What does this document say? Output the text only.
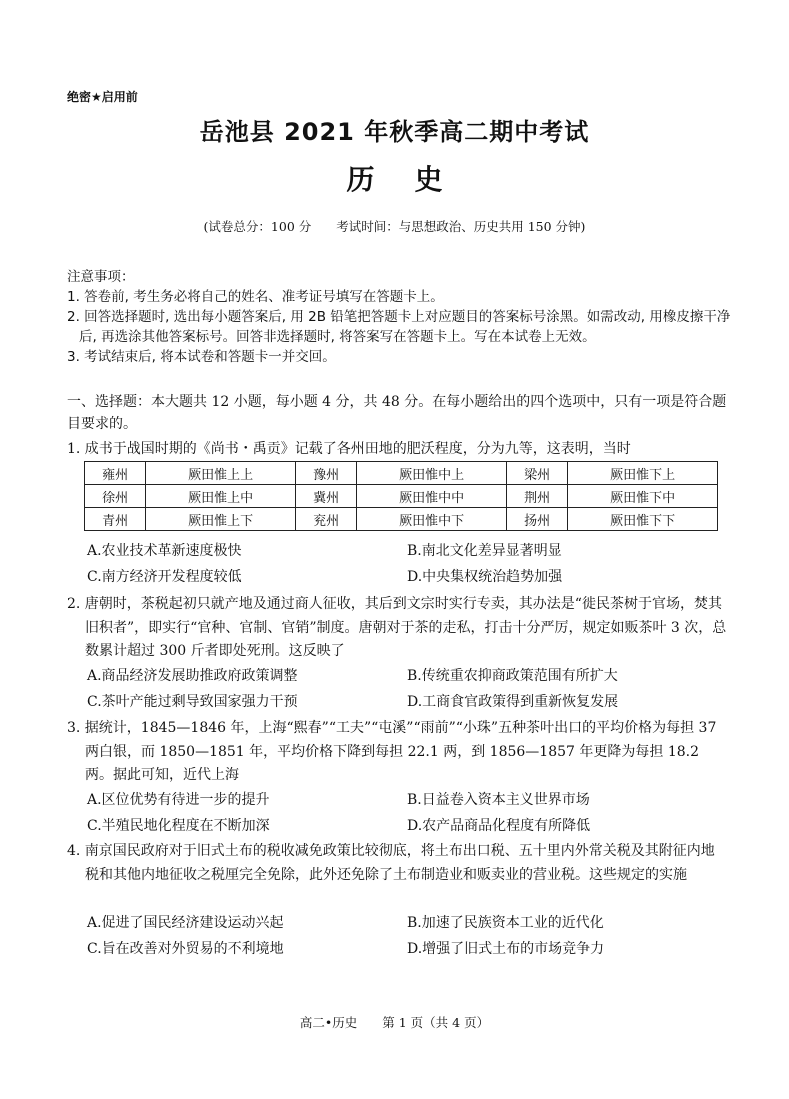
绝密★启用前
岳池县 2021 年秋季高二期中考试
历史
(试卷总分：100 分　　考试时间：与思想政治、历史共用 150 分钟)

注意事项：

1. 答卷前, 考生务必将自己的姓名、准考证号填写在答题卡上。

2. 回答选择题时, 选出每小题答案后, 用 2B 铅笔把答题卡上对应题目的答案标号涂黑。如需改动, 用橡皮擦干净后, 再选涂其他答案标号。回答非选择题时, 将答案写在答题卡上。写在本试卷上无效。

3. 考试结束后, 将本试卷和答题卡一并交回。

一、选择题：本大题共 12 小题，每小题 4 分，共 48 分。在每小题给出的四个选项中，只有一项是符合题目要求的。

1. 成书于战国时期的《尚书・禹贡》记载了各州田地的肥沃程度，分为九等，这表明，当时

雍州	厥田惟上上	豫州	厥田惟中上	梁州	厥田惟下上
徐州	厥田惟上中	冀州	厥田惟中中	荆州	厥田惟下中
青州	厥田惟上下	兖州	厥田惟中下	扬州	厥田惟下下
A.农业技术革新速度极快	B.南北文化差异显著明显
C.南方经济开发程度较低	D.中央集权统治趋势加强

2. 唐朝时，茶税起初只就产地及通过商人征收，其后到文宗时实行专卖，其办法是“徙民茶树于官场，焚其旧积者”，即实行“官种、官制、官销”制度。唐朝对于茶的走私，打击十分严厉，规定如贩茶叶 3 次，总数累计超过 300 斤者即处死刑。这反映了

A.商品经济发展助推政府政策调整	B.传统重农抑商政策范围有所扩大
C.茶叶产能过剩导致国家强力干预	D.工商食官政策得到重新恢复发展

3. 据统计，1845—1846 年，上海“熙春”“工夫”“屯溪”“雨前”“小珠”五种茶叶出口的平均价格为每担 37 两白银，而 1850—1851 年，平均价格下降到每担 22.1 两，到 1856—1857 年更降为每担 18.2 两。据此可知，近代上海

A.区位优势有待进一步的提升	B.日益卷入资本主义世界市场
C.半殖民地化程度在不断加深	D.农产品商品化程度有所降低

4. 南京国民政府对于旧式土布的税收减免政策比较彻底，将土布出口税、五十里内外常关税及其附征内地税和其他内地征收之税厘完全免除，此外还免除了土布制造业和贩卖业的营业税。这些规定的实施

A.促进了国民经济建设运动兴起	B.加速了民族资本工业的近代化
C.旨在改善对外贸易的不利境地	D.增强了旧式土布的市场竞争力
高二•历史　　第 1 页（共 4 页）
